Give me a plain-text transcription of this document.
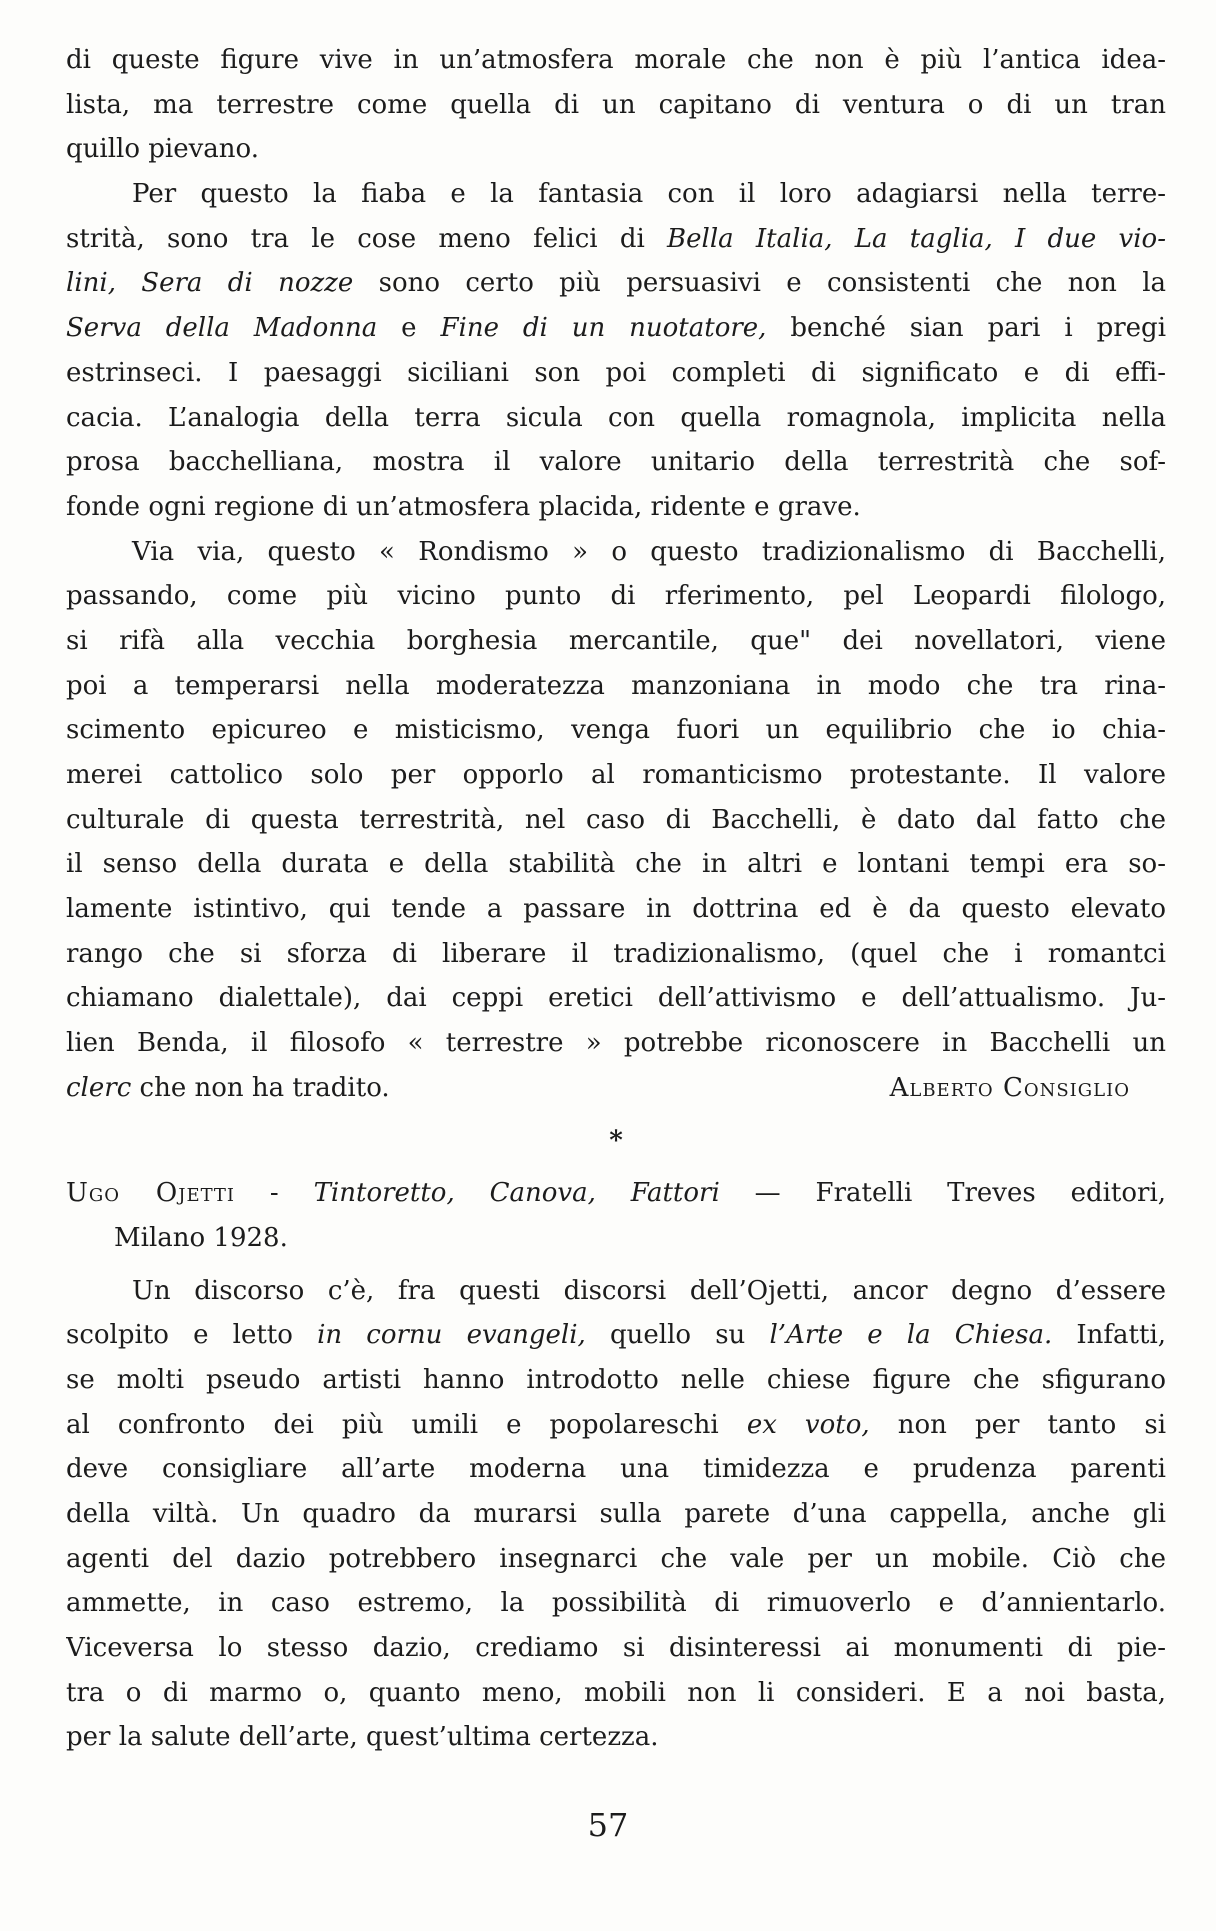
di queste figure vive in un’atmosfera morale che non è più l’antica idea-
lista, ma terrestre come quella di un capitano di ventura o di un tran
quillo pievano.
Per questo la fiaba e la fantasia con il loro adagiarsi nella terre-
strità, sono tra le cose meno felici di Bella Italia, La taglia, I due vio-
lini, Sera di nozze sono certo più persuasivi e consistenti che non la
Serva della Madonna e Fine di un nuotatore, benché sian pari i pregi
estrinseci. I paesaggi siciliani son poi completi di significato e di effi-
cacia. L’analogia della terra sicula con quella romagnola, implicita nella
prosa bacchelliana, mostra il valore unitario della terrestrità che sof-
fonde ogni regione di un’atmosfera placida, ridente e grave.
Via via, questo « Rondismo » o questo tradizionalismo di Bacchelli,
passando, come più vicino punto di rferimento, pel Leopardi filologo,
si rifà alla vecchia borghesia mercantile, que" dei novellatori, viene
poi a temperarsi nella moderatezza manzoniana in modo che tra rina-
scimento epicureo e misticismo, venga fuori un equilibrio che io chia-
merei cattolico solo per opporlo al romanticismo protestante. Il valore
culturale di questa terrestrità, nel caso di Bacchelli, è dato dal fatto che
il senso della durata e della stabilità che in altri e lontani tempi era so-
lamente istintivo, qui tende a passare in dottrina ed è da questo elevato
rango che si sforza di liberare il tradizionalismo, (quel che i romantci
chiamano dialettale), dai ceppi eretici dell’attivismo e dell’attualismo. Ju-
lien Benda, il filosofo « terrestre » potrebbe riconoscere in Bacchelli un
clerc che non ha tradito.	Alberto Consiglio
*
Ugo Ojetti - Tintoretto, Canova, Fattori — Fratelli Treves editori,
Milano 1928.
Un discorso c’è, fra questi discorsi dell’Ojetti, ancor degno d’essere
scolpito e letto in cornu evangeli, quello su l’Arte e la Chiesa. Infatti,
se molti pseudo artisti hanno introdotto nelle chiese figure che sfigurano
al confronto dei più umili e popolareschi ex voto, non per tanto si
deve consigliare all’arte moderna una timidezza e prudenza parenti
della viltà. Un quadro da murarsi sulla parete d’una cappella, anche gli
agenti del dazio potrebbero insegnarci che vale per un mobile. Ciò che
ammette, in caso estremo, la possibilità di rimuoverlo e d’annientarlo.
Viceversa lo stesso dazio, crediamo si disinteressi ai monumenti di pie-
tra o di marmo o, quanto meno, mobili non li consideri. E a noi basta,
per la salute dell’arte, quest’ultima certezza.
57
